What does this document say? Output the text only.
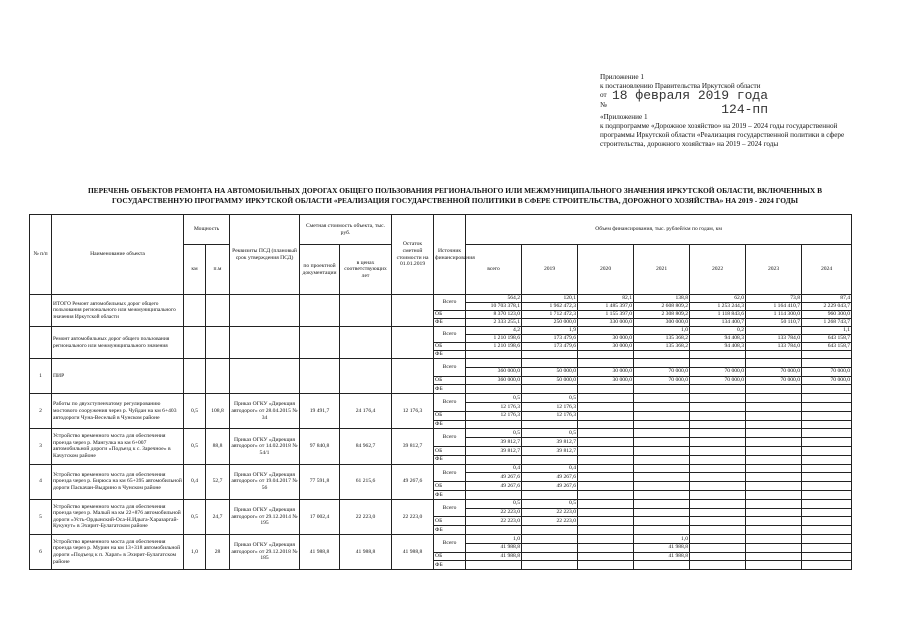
Приложение 1
к постановлению Правительства Иркутской области
от
№
«Приложение 1
к подпрограмме «Дорожное хозяйство» на 2019 – 2024 годы государственной
программы Иркутской области «Реализация государственной политики в сфере
строительства, дорожного хозяйства» на 2019 – 2024 годы
18 февраля 2019 года
124-пп
ПЕРЕЧЕНЬ ОБЪЕКТОВ РЕМОНТА НА АВТОМОБИЛЬНЫХ ДОРОГАХ ОБЩЕГО ПОЛЬЗОВАНИЯ РЕГИОНАЛЬНОГО ИЛИ МЕЖМУНИЦИПАЛЬНОГО ЗНАЧЕНИЯ ИРКУТСКОЙ ОБЛАСТИ, ВКЛЮЧЕННЫХ В ГОСУДАРСТВЕННУЮ ПРОГРАММУ ИРКУТСКОЙ ОБЛАСТИ «РЕАЛИЗАЦИЯ ГОСУДАРСТВЕННОЙ ПОЛИТИКИ В СФЕРЕ СТРОИТЕЛЬСТВА, ДОРОЖНОГО ХОЗЯЙСТВА» НА 2019 - 2024 ГОДЫ
№ п/п	Наименование объекта	Мощность		Реквизиты ПСД (плановый срок утверждения ПСД)	Сметная стоимость объекта, тыс. руб.		Остаток сметной стоимости на 01.01.2019	Источник финансирования	Объем финансирования, тыс. рублей/км по годам, км						
		км	п.м		по проектной документации	в ценах соответствующих лет			всего	2019	2020	2021	2022	2023	2024
	ИТОГО Ремонт автомобильных дорог общего пользования регионального или межмуниципального значения Иркутской области							Всего	564,2	120,1	82,1	138,8	62,0	73,8	87,4
									10 703 378,1	1 962 472,3	1 485 397,0	2 608 809,2	1 253 244,3	1 164 410,7	2 229 043,7
								ОБ	8 370 123,0	1 712 472,3	1 155 397,0	2 308 809,2	1 118 843,6	1 114 300,0	960 300,0
								ФБ	2 333 255,1	250 000,0	330 000,0	300 000,0	134 400,7	50 110,7	1 268 743,7
	Ремонт автомобильных дорог общего пользования регионального или межмуниципального значения							Всего	4,2	1,9		1,0	0,2		1,1
									1 210 198,6	173 479,6	30 000,0	135 368,2	94 408,3	133 784,0	643 158,7
								ОБ	1 210 198,6	173 479,6	30 000,0	135 368,2	94 408,3	133 784,0	643 158,7
								ФБ							
1	ПИР							Всего							
									360 000,0	50 000,0	30 000,0	70 000,0	70 000,0	70 000,0	70 000,0
								ОБ	360 000,0	50 000,0	30 000,0	70 000,0	70 000,0	70 000,0	70 000,0
								ФБ							
2	Работы по двухступенчатому регулированию мостового сооружения через р. Чуйдан на км 6+403 автодороги Чуна-Веселый в Чунском районе	0,5	108,8	Приказ ОГКУ «Дирекция автодорог» от 28.04.2015 № 34	19 491,7	24 176,4	12 176,3	Всего	0,5	0,5					
									12 176,3	12 176,3					
								ОБ	12 176,3	12 176,3					
								ФБ							
3	Устройство временного моста для обеспечения проезда через р. Мангулка на км 6+007 автомобильной дороги «Подъезд к с. Заречное» в Качугском районе	0,5	88,8	Приказ ОГКУ «Дирекция автодорог» от 14.02.2018 № 54/1	97 840,8	84 962,7	39 812,7	Всего	0,5	0,5					
									39 812,7	39 812,7					
								ОБ	39 812,7	39 812,7					
								ФБ							
4	Устройство временного моста для обеспечения проезда через р. Бирюса на км 65+395 автомобильной дороги Паскачан-Выдрино в Чунском районе	0,4	52,7	Приказ ОГКУ «Дирекция автодорог» от 19.04.2017 № 56	77 591,8	61 215,6	49 267,6	Всего	0,4	0,4					
									49 267,6	49 267,6					
								ОБ	49 267,6	49 267,6					
								ФБ							
5	Устройство временного моста для обеспечения проезда через р. Малый на км 22+876 автомобильной дороги «Усть-Ордынский-Оса-Н.Идыга-Харазаргай-Кукунут» в Эхирит-Булагатском районе	0,5	24,7	Приказ ОГКУ «Дирекция автодорог» от 29.12.2014 № 195	17 002,4	22 223,0	22 223,0	Всего	0,5	0,5					
									22 223,0	22 223,0					
								ОБ	22 223,0	22 223,0					
								ФБ							
6	Устройство временного моста для обеспечения проезда через р. Мурин на км 13+318 автомобильной дороги «Подъезд к п. Харат» в Эхирит-Булагатском районе	1,0	28	Приказ ОГКУ «Дирекция автодорог» от 29.12.2018 № 185	41 988,8	41 988,8	41 988,8	Всего	1,0			1,0			
									41 988,8			41 988,8			
								ОБ	41 988,8			41 988,8			
								ФБ							
